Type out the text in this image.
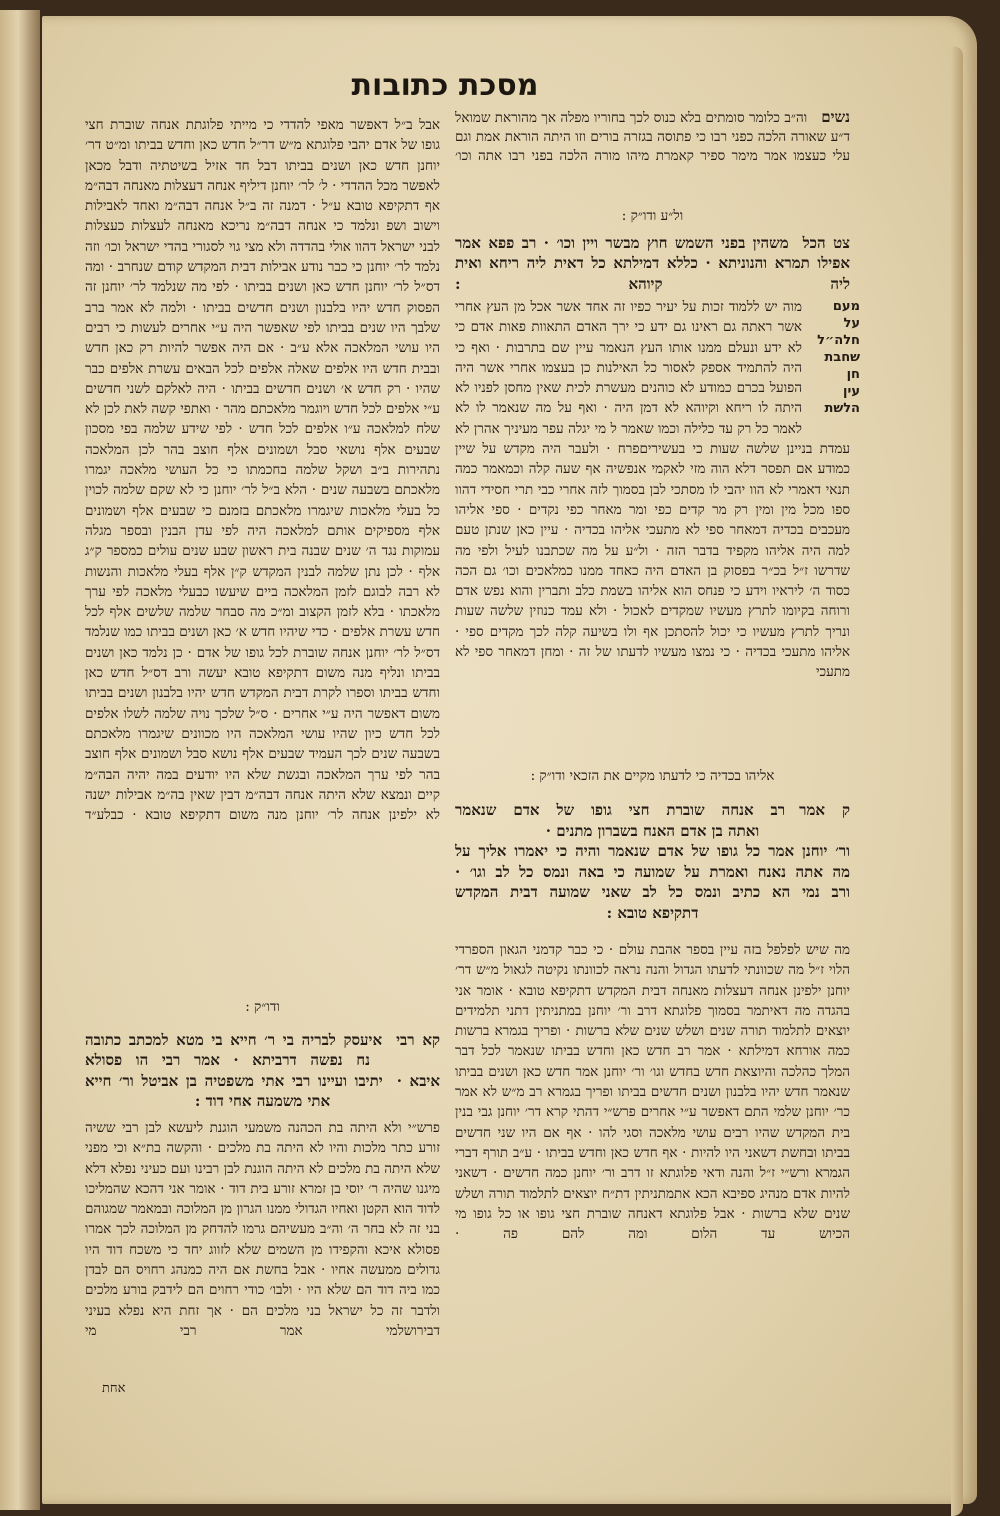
מסכת כתובות

נשיםוה״ב כלומר סומתים בלא כנוס לכך בחוריו מפלה אך מהוראת שמואל ד״ע שאורה הלכה כפני רבו כי פתוסה בגזרה בורים וזו היתה הוראת אמת וגם עלי כעצמו אמר מימר ספיר קאמרת מיהו מורה הלכה בפני רבו אתה וכו׳

ול״ע ודו״ק :

צט הכלמשהין בפני השמש חוץ מבשר ויין וכו׳ · רב פפא אמר אפילו תמרא והנוניתא · כללא דמילתא כל דאית ליה ריחא ואית ליה קיוהא :

מוה יש ללמוד זכות על יעיר כפיו זה אחד אשר אכל מן העץ אחרי אשר ראתה גם ראינו גם ידע כי ירך האדם התאוות פאות אדם כי לא ידע ונעלם ממנו אותו העץ הנאמר עיין שם בתרבות · ואף כי היה להתמיד אספק לאסור כל האילנות כן בעצמו אחרי אשר היה הפועל בכרם כמודע לא כוהנים מעשרת לכית שאין מחסן לפניו לא היתה לו ריחא וקיוהא לא דמן היה · ואף על מה שנאמר לו לא לאמר כל רק עד כלילה וכמו שאמר ל מי יגלה עפר מעיניך אהרן לא עמדת בניינן שלשה שעות כי בעשיריםפרח · ולעבר היה מקדש על שיין כמודע אם תפסר דלא הוה מזי לאקמי אנפשיה אף שעה קלה וכמאמר כמה תנאי דאמרי לא הוו יהבי לו מסתכי לבן בסמוך לזה אחרי כבי תרי חסידי דהוו ספו מכל מין ומין רק מר קדים כפי ומר מאחר כפי נקדים · ספי אליהו מעכבים בכדיה דמאחר ספי לא מתעכי אליהו בכדיה · עיין כאן שנתן טעם למה היה אליהו מקפיד בדבר הזה · ול״ע על מה שכתבנו לעיל ולפי מה שדרשו ז״ל בכ״ר בפסוק בן האדם היה כאחד ממנו כמלאכים וכו׳ גם הכה כסוד ה׳ ליראיו וידע כי פנחס הוא אליהו בשמת כלב ותברין והוא נפש אדם ורוחה בקיומו לתרץ מעשיו שמקדים לאכול · ולא עמד כנוזין שלשה שעות ונריך לתרץ מעשיו כי יכול להסתכן אף ולו בשיעה קלה לכך מקדים ספי · אליהו מתעכי בכדיה · כי נמצו מעשיו לדעתו של זה · ומחן דמאחר ספי לא מתעכי

אליהו בכדיה כי לדעתו מקיים את הזכאי ודו״ק :

ק אמררב אנחה שוברת חצי גופו של אדם שנאמר

ואתה בן אדם האנח בשברון מתנים ·

ור׳ יוחנן אמר כל גופו של אדם שנאמר והיה כי יאמרו אליך על

מה אתה נאנח ואמרת על שמועה כי באה ונמס כל לב וגו׳ ·

ורב נמי הא כתיב ונמס כל לב שאני שמועה דבית המקדש

דתקיפא טובא :

מה שיש לפלפל בזה עיין בספר אהבת עולם · כי כבר קדמני הגאון הספרדי הלוי ז״ל מה שכוונתי לדעתו הגדול והנה נראה לכוונתו נקיטה לגאול מ״ש דר׳ יוחנן ילפינן אנחה דעצלות מאנחה דבית המקדש דתקיפא טובא · אומר אני בהגדה מה דאיתמר בסמוך פלוגתא דרב ור׳ יוחנן במתניתין דתני תלמידים יוצאים לתלמוד תורה שנים ושלש שנים שלא ברשות · ופריך בגמרא ברשות כמה אורחא דמילתא · אמר רב חדש כאן וחדש בביתו שנאמר לכל דבר המלך כהלכה והיוצאת חדש בחדש וגו׳ ור׳ יוחנן אמר חדש כאן ושנים בביתו שנאמר חדש יהיו בלבנון ושנים חדשים בביתו ופריך בגמרא רב מ״ש לא אמר כר׳ יוחנן שלמי התם דאפשר ע״י אחרים פרש״י דהתי קרא דר׳ יוחנן גבי בנין בית המקדש שהיו רבים עושי מלאכה וסגי להו · אף אם היו שני חדשים בביתו ובחשת דשאני היו להיות · אף חדש כאן וחדש בביתו · ע״ב תורף דברי הגמרא ורש״י ז״ל והנה ודאי פלוגתא זו דרב ור׳ יוחנן כמה חדשים · דשאני להיות אדם מנהיג ספיבא הכא אתמתניתין דת״ח יוצאים לתלמוד תורה ושלש שנים שלא ברשות · אבל פלוגתא דאנחה שוברת חצי גופו או כל גופו מי הכיוש עד הלום ומה להם פה ·

מעם
על
חלה״ל
שחבת
חן
עין
הלשת

אבל ב״ל דאפשר מאפי להדדי כי מייתי פלוגתת אנחה שוברת חצי גופו של אדם יהבי פלוגתא מ״ש דר״ל חדש כאן וחדש בביתו ומ״ט דר׳ יוחנן חדש כאן ושנים בביתו דבל חד אזיל בשיטתיה ודבל מכאן לאפשר מכל ההדדי · ל׳ לר׳ יוחנן דיליף אנחה דעצלות מאנחה דבה״מ אף דתקיפא טובא ע״ל · דמנה זה ב״ל אנחה דבה״מ ואחד לאבילות וישוב ושפ ונלמד כי אנחה דבה״מ נריכא מאנחה לעצלות כעצלות לבני ישראל דהוו אולי בהדדה ולא מצי גוי לסגורי בהדי ישראל וכו׳ וזה נלמד לר׳ יוחנן כי כבר נודע אבילות דבית המקדש קודם שנחרב · ומה דס״ל לר׳ יוחנן חדש כאן ושנים בביתו · לפי מה שנלמד לר׳ יוחנן זה הפסוק חדש יהיו בלבנון ושנים חדשים בביתו · ולמה לא אמר ברב שלבך היו שנים בביתו לפי שאפשר היה ע״י אחרים לעשות כי רבים היו עושי המלאכה אלא ע״ב · אם היה אפשר להיות רק כאן חדש ובבית חדש היו אלפים שאלה אלפים לכל הבאים עשרת אלפים כבר שהיו · רק חדש א׳ ושנים חדשים בביתו · היה לאלקם לשני חדשים ע״י אלפים לכל חדש ויוגמר מלאכתם מהר · ואתפי קשה לאת לכן לא שלח למלאכה ע״ו אלפים לכל חדש · לפי שידע שלמה בפי מסכון שבעים אלף נושאי סבל ושמונים אלף חוצב בהר לכן המלאכה נתהירות ב״ב ושקל שלמה בחכמתו כי כל העושי מלאכה יגמרו מלאכתם בשבעה שנים · הלא ב״ל לר׳ יוחנן כי לא שקם שלמה לכוין כל בעלי מלאכות שיגמרו מלאכתם בזמנם כי שבעים אלף ושמונים אלף מספיקים אותם למלאכה היה לפי עדן הבנין ובספר מגלה עמוקות נגד ה׳ שנים שבנה בית ראשון שבע שנים עולים כמספר ק״ג אלף · לכן נתן שלמה לבנין המקדש ק״ן אלף בעלי מלאכות והנשות לא רבה לבוגם לזמן המלאכה ביים שיעשו כבעלי מלאכה לפי ערך מלאכתו · בלא לזמן הקצוב ומ״כ מה סבחר שלמה שלשים אלף לכל חדש עשרת אלפים · כדי שיהיו חדש א׳ כאן ושנים בביתו כמו שנלמד דס״ל לר׳ יוחנן אנחה שוברת לכל גופו של אדם · כן נלמד כאן ושנים בביתו ונליף מנה משום דתקיפא טובא יעשה ורב דס״ל חדש כאן וחדש בביתו וספרו לקרת דבית המקדש חדש יהיו בלבנון ושנים בביתו משום דאפשר היה ע״י אחרים · ס״ל שלכך נויה שלמה לשלו אלפים לכל חדש כיון שהיו עושי המלאכה היו מכוונים שיגמרו מלאכתם בשבעה שנים לכך העמיד שבעים אלף נושא סבל ושמונים אלף חוצב בהר לפי ערך המלאכה ובגשת שלא היו יודעים במה יהיה הבה״מ קיים ונמצא שלא היתה אנחה דבה״מ דבין שאין בה״מ אבילות ישנה לא ילפינן אנחה לר׳ יוחנן מנה משום דתקיפא טובא · כבלע״ד

ודו״ק :

קא רביאיעסק לבריה בי ר׳ חייא בי מטא למכתב כתובה

נח נפשה דרביתא · אמר רבי הו פסולא

איבא ·יתיבו ועיינו רבי אתי משפטיה בן אביטל ור׳ חייא

אתי משמעה אחי דוד :

פרש״י ולא היתה בת הכהנה משמעי הוגנת ליעשא לבן רבי ששיה זורע כתר מלכות והיו לא היתה בת מלכים · והקשה בת״א וכי מפני שלא היתה בת מלכים לא היתה הוגנת לבן רבינו ועם כעיני נפלא דלא מיגנו שהיה ר׳ יוסי בן זמרא זורע בית דוד · אומר אני דהכא שהמליכו לדוד הוא הקטן ואחיו הגדולי ממנו הגרון מן המלוכה ובמאמר שמגוהם בני זה לא בחר ה׳ וה״ב מעשיהם גרמו להדחק מן המלוכה לכך אמרו פסולא איכא והקפידו מן השמים שלא לזווג יחד כי משכח דוד היו גדולים ממעשה אחיו · אבל בחשת אם היה כמנהג רחויס הם לבדן כמו ביה דוד הם שלא היו · ולבו׳ כודי רחוים הם לידבק בורע מלכים ולדבר זה כל ישראל בני מלכים הם · אך זחת היא נפלא בעיני דבירושלמי אמר רבי מי

אחת
